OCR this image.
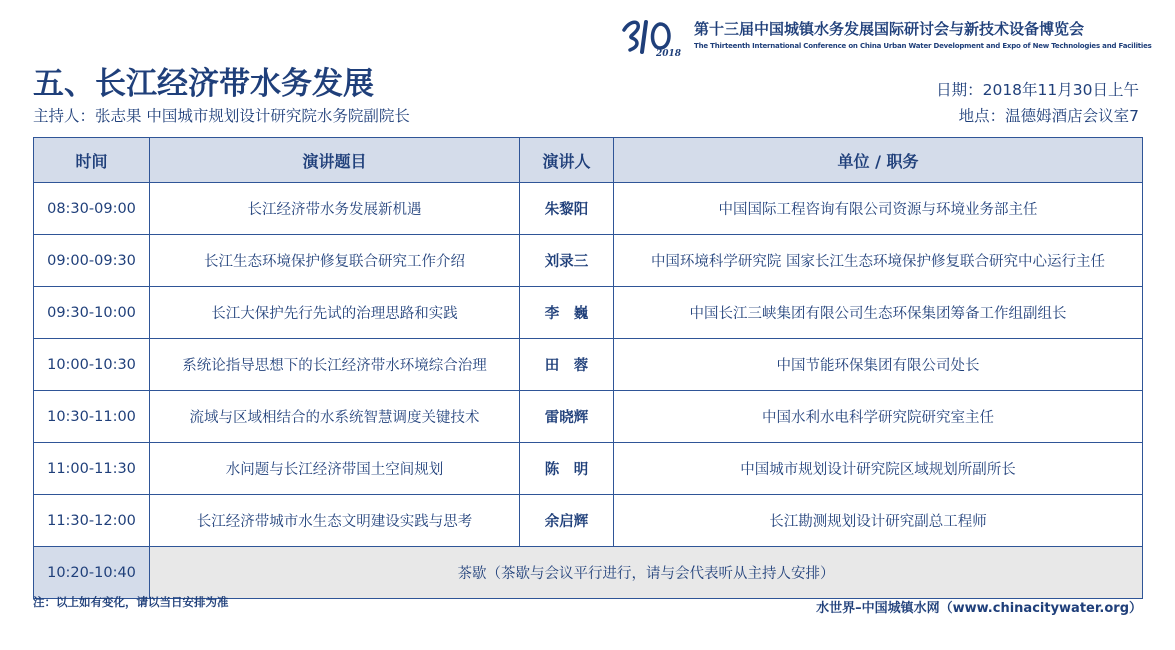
2018
第十三届中国城镇水务发展国际研讨会与新技术设备博览会
The Thirteenth International Conference on China Urban Water Development and Expo of New Technologies and Facilities
五、长江经济带水务发展
主持人：张志果 中国城市规划设计研究院水务院副院长
日期：2018年11月30日上午
地点：温德姆酒店会议室7
时间	演讲题目	演讲人	单位 / 职务
08:30-09:00	长江经济带水务发展新机遇	朱黎阳	中国国际工程咨询有限公司资源与环境业务部主任
09:00-09:30	长江生态环境保护修复联合研究工作介绍	刘录三	中国环境科学研究院 国家长江生态环境保护修复联合研究中心运行主任
09:30-10:00	长江大保护先行先试的治理思路和实践	李　巍	中国长江三峡集团有限公司生态环保集团筹备工作组副组长
10:00-10:30	系统论指导思想下的长江经济带水环境综合治理	田　蓉	中国节能环保集团有限公司处长
10:30-11:00	流域与区域相结合的水系统智慧调度关键技术	雷晓辉	中国水利水电科学研究院研究室主任
11:00-11:30	水问题与长江经济带国土空间规划	陈　明	中国城市规划设计研究院区域规划所副所长
11:30-12:00	长江经济带城市水生态文明建设实践与思考	余启辉	长江勘测规划设计研究副总工程师
10:20-10:40	茶歇（茶歇与会议平行进行，请与会代表听从主持人安排）		
注：以上如有变化，请以当日安排为准	水世界–中国城镇水网（www.chinacitywater.org）
